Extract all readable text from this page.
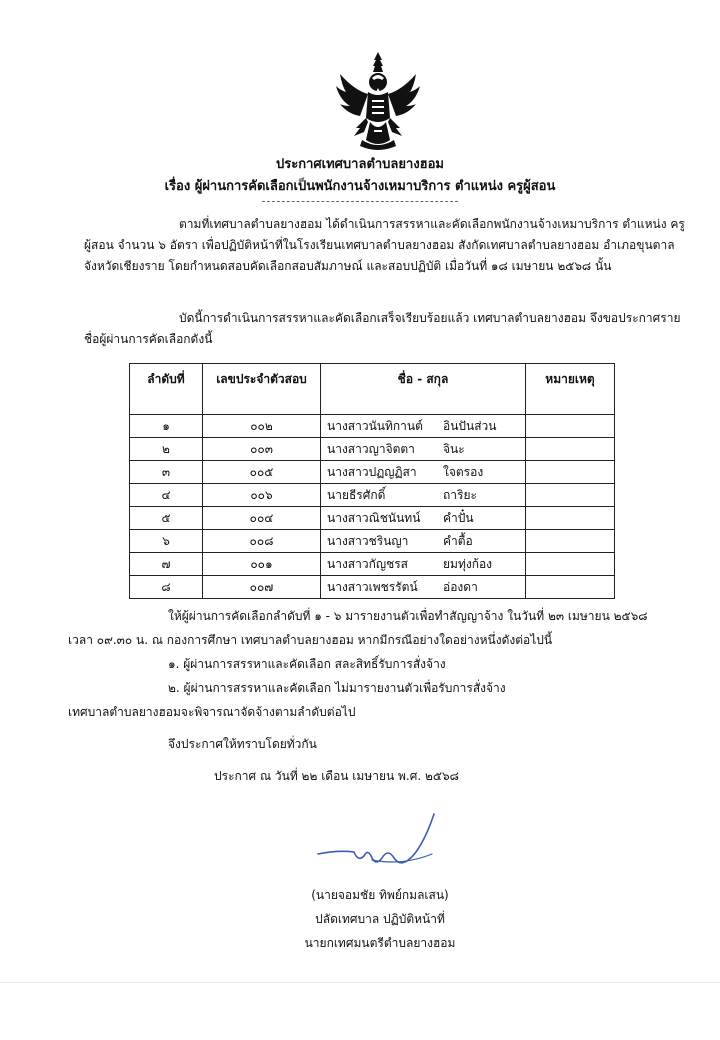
ประกาศเทศบาลตำบลยางฮอม
เรื่อง ผู้ผ่านการคัดเลือกเป็นพนักงานจ้างเหมาบริการ ตำแหน่ง ครูผู้สอน

ตามที่เทศบาลตำบลยางฮอม ได้ดำเนินการสรรหาและคัดเลือกพนักงานจ้างเหมาบริการ ตำแหน่ง ครูผู้สอน จำนวน ๖ อัตรา เพื่อปฏิบัติหน้าที่ในโรงเรียนเทศบาลตำบลยางฮอม สังกัดเทศบาลตำบลยางฮอม อำเภอขุนตาล จังหวัดเชียงราย โดยกำหนดสอบคัดเลือกสอบสัมภาษณ์ และสอบปฏิบัติ เมื่อวันที่ ๑๘ เมษายน ๒๕๖๘ นั้น

บัดนี้การดำเนินการสรรหาและคัดเลือกเสร็จเรียบร้อยแล้ว เทศบาลตำบลยางฮอม จึงขอประกาศรายชื่อผู้ผ่านการคัดเลือกดังนี้

ลำดับที่	เลขประจำตัวสอบ	ชื่อ - สกุล	หมายเหตุ
๑	๐๐๒	นางสาวนันทิกานต์ อินปันส่วน	
๒	๐๐๓	นางสาวญาจิตตา จินะ	
๓	๐๐๕	นางสาวปฏญฏิสา ใจตรอง	
๔	๐๐๖	นายธีรศักดิ์ ถาริยะ	
๕	๐๐๔	นางสาวณิชนันทน์ คำปั๋น	
๖	๐๐๘	นางสาวชรินญา คำตื้อ	
๗	๐๐๑	นางสาวกัญชรส ยมทุ่งก้อง	
๘	๐๐๗	นางสาวเพชรรัตน์ อ่องดา	
ให้ผู้ผ่านการคัดเลือกลำดับที่ ๑ - ๖ มารายงานตัวเพื่อทำสัญญาจ้าง ในวันที่ ๒๓ เมษายน ๒๕๖๘
เวลา ๐๙.๓๐ น. ณ กองการศึกษา เทศบาลตำบลยางฮอม หากมีกรณีอย่างใดอย่างหนึ่งดังต่อไปนี้
๑. ผู้ผ่านการสรรหาและคัดเลือก สละสิทธิ์รับการสั่งจ้าง
๒. ผู้ผ่านการสรรหาและคัดเลือก ไม่มารายงานตัวเพื่อรับการสั่งจ้าง
เทศบาลตำบลยางฮอมจะพิจารณาจัดจ้างตามลำดับต่อไป
จึงประกาศให้ทราบโดยทั่วกัน
ประกาศ ณ วันที่ ๒๒ เดือน เมษายน พ.ศ. ๒๕๖๘
(นายจอมชัย ทิพย์กมลเสน)
ปลัดเทศบาล ปฏิบัติหน้าที่
นายกเทศมนตรีตำบลยางฮอม
